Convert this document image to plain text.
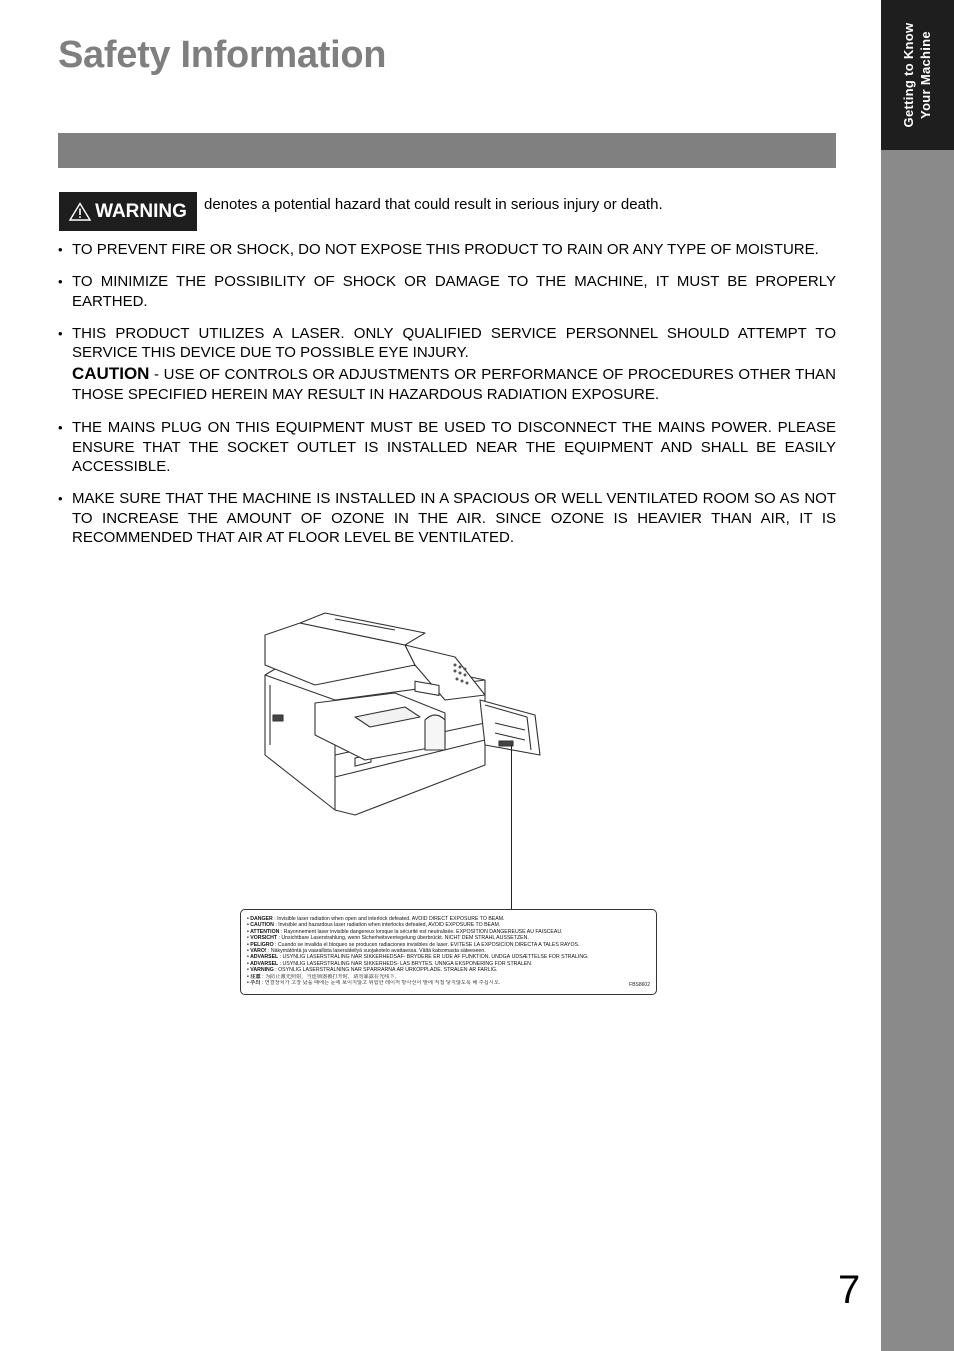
Getting to Know Your Machine
Safety Information
WARNING denotes a potential hazard that could result in serious injury or death.
• TO PREVENT FIRE OR SHOCK, DO NOT EXPOSE THIS PRODUCT TO RAIN OR ANY TYPE OF MOISTURE.
• TO MINIMIZE THE POSSIBILITY OF SHOCK OR DAMAGE TO THE MACHINE, IT MUST BE PROPERLY EARTHED.
• THIS PRODUCT UTILIZES A LASER. ONLY QUALIFIED SERVICE PERSONNEL SHOULD ATTEMPT TO SERVICE THIS DEVICE DUE TO POSSIBLE EYE INJURY.
CAUTION - USE OF CONTROLS OR ADJUSTMENTS OR PERFORMANCE OF PROCEDURES OTHER THAN THOSE SPECIFIED HEREIN MAY RESULT IN HAZARDOUS RADIATION EXPOSURE.
• THE MAINS PLUG ON THIS EQUIPMENT MUST BE USED TO DISCONNECT THE MAINS POWER. PLEASE ENSURE THAT THE SOCKET OUTLET IS INSTALLED NEAR THE EQUIPMENT AND SHALL BE EASILY ACCESSIBLE.
• MAKE SURE THAT THE MACHINE IS INSTALLED IN A SPACIOUS OR WELL VENTILATED ROOM SO AS NOT TO INCREASE THE AMOUNT OF OZONE IN THE AIR. SINCE OZONE IS HEAVIER THAN AIR, IT IS RECOMMENDED THAT AIR AT FLOOR LEVEL BE VENTILATED.
• DANGER : Invisible laser radiation when open and interlock defeated. AVOID DIRECT EXPOSURE TO BEAM.
• CAUTION : Invisible and hazardous laser radiation when interlocks defeated, AVOID EXPOSURE TO BEAM.
• ATTENTION : Rayonnement laser invisible dangereux lorsque la sécurité est neutralisée. EXPOSITION DANGEREUSE AU FAISCEAU.
• VORSICHT : Unsichtbare Laserstrahlung, wenn Sicherheitsverriegelung überbrückt. NICHT DEM STRAHL AUSSETZEN.
• PELIGRO : Cuando se invalida el bloqueo se producen radiaciones invisibles de laser. EVITESE LA EXPOSICION DIRECTA A TALES RAYOS.
• VARO! : Näkymätöntä ja vaarallista lasersäteilyä suojakotelo avattaessa. Vältä katsomasta säteeseen.
• ADVARSEL : USYNLIG LASERSTRÅLING NÅR SIKKERHEDSAF- BRYDERE ER UDE AF FUNKTION. UNDGÅ UDSÆTTELSE FOR STRÅLING.
• ADVARSEL : USYNLIG LASERSTRÅLING NÅR SIKKERHEDS- LÅS BRYTES. UNNGÅ EKSPONERING FOR STRÅLEN.
• VARNING : OSYNLIG LASERSTRÅLNING NÄR SPÄRRARNA ÄR URKOPPLADE. STRÅLEN ÄR FARLIG.
• 注意 : 为防止激光照射，当连锁器被打开时，请勿暴露在光线下。
• 주의 : 연결장치가 고장 났을 때에는 눈에 보이지않고 위험한 레이저 방사선이 발에 직접 닿지않도록 해 주십시오.	FBS8602
7
